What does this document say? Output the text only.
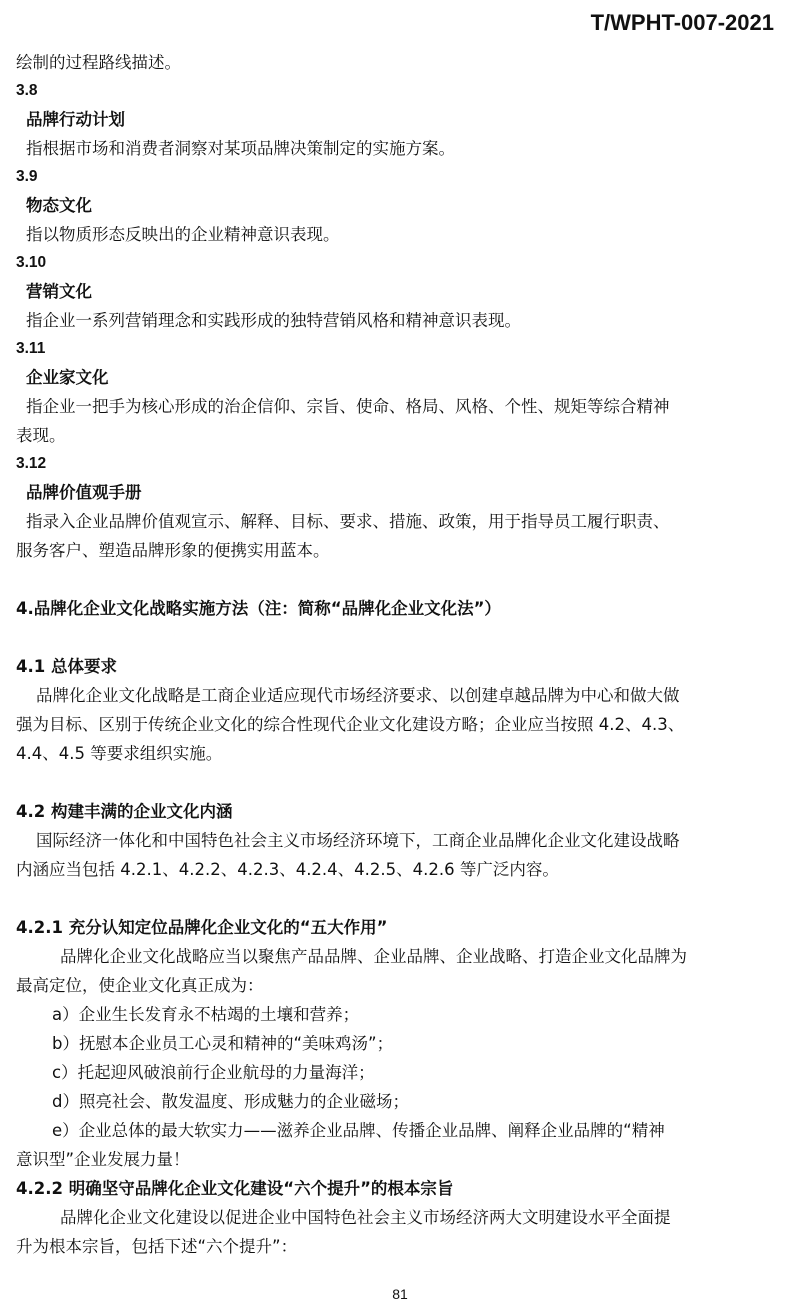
T/WPHT-007-2021
绘制的过程路线描述。
3.8
品牌行动计划
指根据市场和消费者洞察对某项品牌决策制定的实施方案。
3.9
物态文化
指以物质形态反映出的企业精神意识表现。
3.10
营销文化
指企业一系列营销理念和实践形成的独特营销风格和精神意识表现。
3.11
企业家文化
指企业一把手为核心形成的治企信仰、宗旨、使命、格局、风格、个性、规矩等综合精神
表现。
3.12
品牌价值观手册
指录入企业品牌价值观宣示、解释、目标、要求、措施、政策，用于指导员工履行职责、
服务客户、塑造品牌形象的便携实用蓝本。
4.品牌化企业文化战略实施方法（注：简称“品牌化企业文化法”）
4.1 总体要求
品牌化企业文化战略是工商企业适应现代市场经济要求、以创建卓越品牌为中心和做大做
强为目标、区别于传统企业文化的综合性现代企业文化建设方略；企业应当按照 4.2、4.3、
4.4、4.5 等要求组织实施。
4.2 构建丰满的企业文化内涵
国际经济一体化和中国特色社会主义市场经济环境下，工商企业品牌化企业文化建设战略
内涵应当包括 4.2.1、4.2.2、4.2.3、4.2.4、4.2.5、4.2.6 等广泛内容。
4.2.1 充分认知定位品牌化企业文化的“五大作用”
品牌化企业文化战略应当以聚焦产品品牌、企业品牌、企业战略、打造企业文化品牌为
最高定位，使企业文化真正成为：
a）企业生长发育永不枯竭的土壤和营养；
b）抚慰本企业员工心灵和精神的“美味鸡汤”；
c）托起迎风破浪前行企业航母的力量海洋；
d）照亮社会、散发温度、形成魅力的企业磁场；
e）企业总体的最大软实力——滋养企业品牌、传播企业品牌、阐释企业品牌的“精神
意识型”企业发展力量！
4.2.2 明确坚守品牌化企业文化建设“六个提升”的根本宗旨
品牌化企业文化建设以促进企业中国特色社会主义市场经济两大文明建设水平全面提
升为根本宗旨，包括下述“六个提升”：
81
